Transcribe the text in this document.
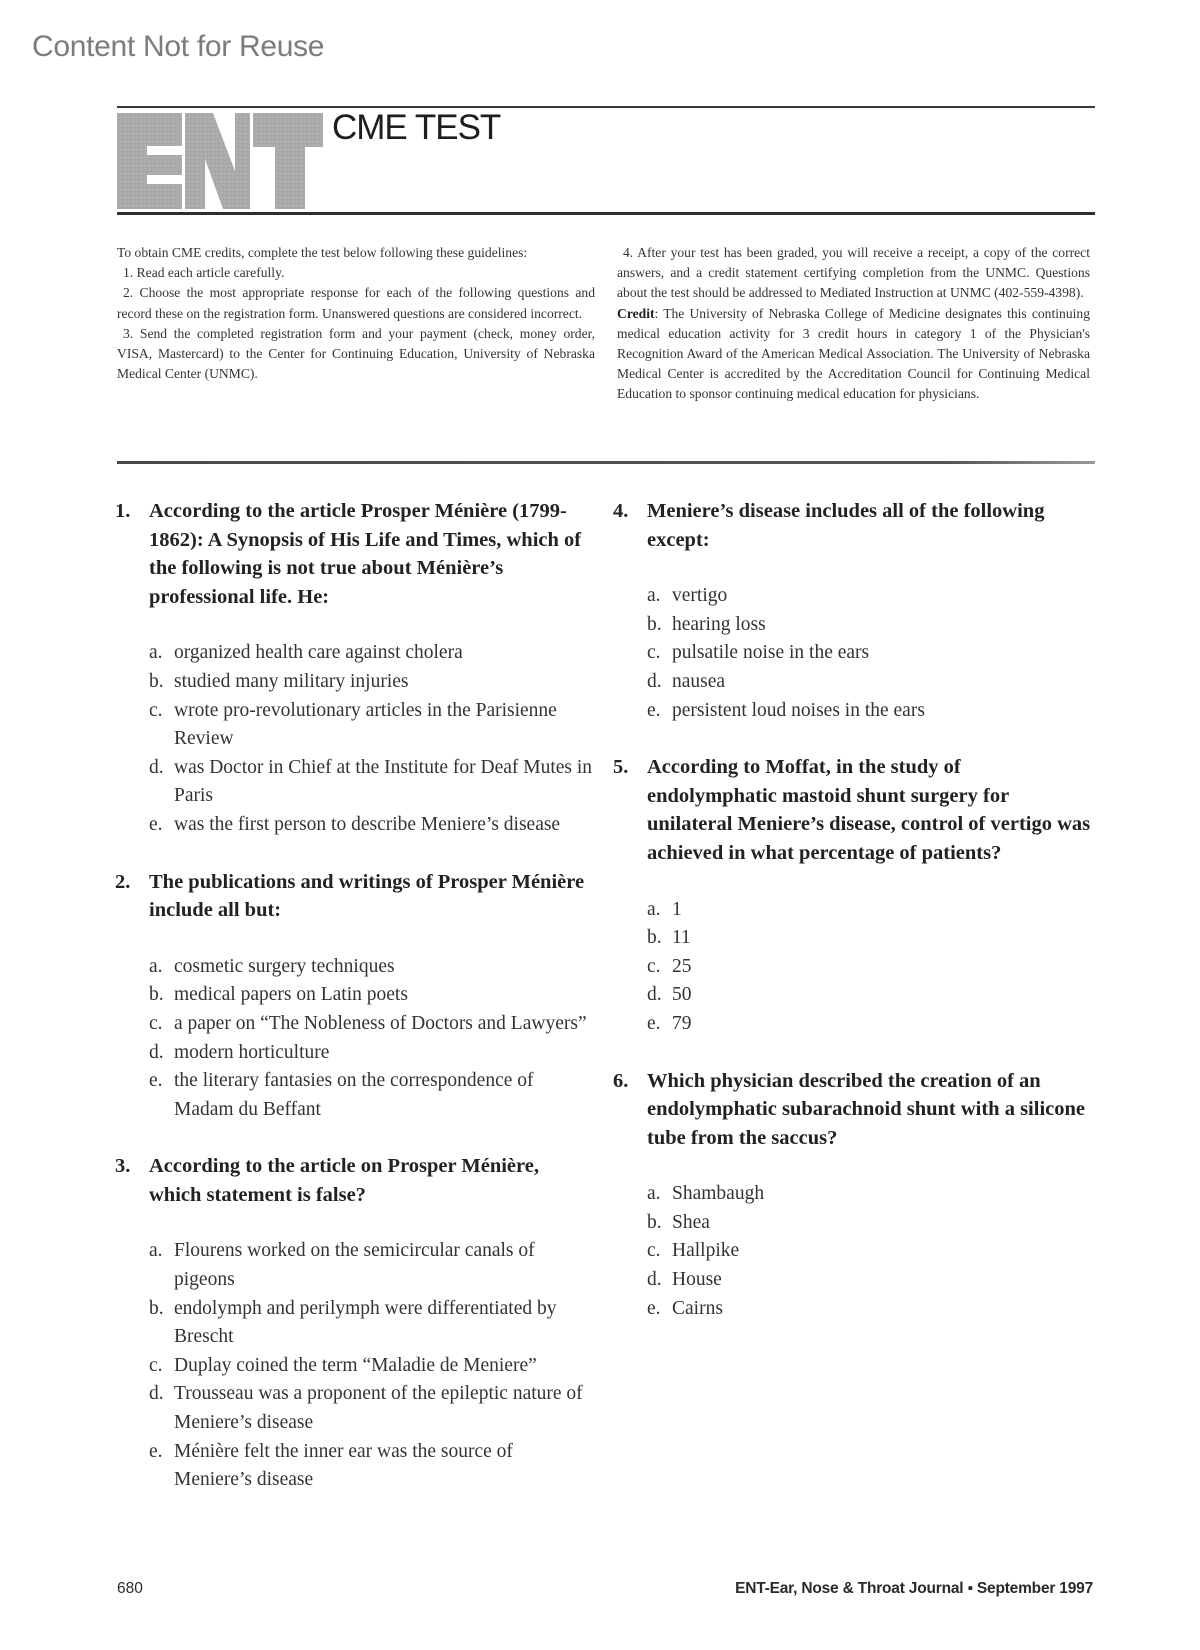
Content Not for Reuse
CME TEST

To obtain CME credits, complete the test below following these guidelines:

1. Read each article carefully.

2. Choose the most appropriate response for each of the following questions and record these on the registration form. Unanswered questions are considered incorrect.

3. Send the completed registration form and your payment (check, money order, VISA, Mastercard) to the Center for Continuing Education, University of Nebraska Medical Center (UNMC).

4. After your test has been graded, you will receive a receipt, a copy of the correct answers, and a credit statement certifying completion from the UNMC. Questions about the test should be addressed to Mediated Instruction at UNMC (402-559-4398).

Credit: The University of Nebraska College of Medicine designates this continuing medical education activity for 3 credit hours in category 1 of the Physician's Recognition Award of the American Medical Association. The University of Nebraska Medical Center is accredited by the Accreditation Council for Continuing Medical Education to sponsor continuing medical education for physicians.

1. According to the article Prosper Ménière (1799-1862): A Synopsis of His Life and Times, which of the following is not true about Ménière’s professional life. He:
a. organized health care against cholera
b. studied many military injuries
c. wrote pro-revolutionary articles in the Parisienne Review
d. was Doctor in Chief at the Institute for Deaf Mutes in Paris
e. was the first person to describe Meniere’s disease
2. The publications and writings of Prosper Ménière include all but:
a. cosmetic surgery techniques
b. medical papers on Latin poets
c. a paper on “The Nobleness of Doctors and Lawyers”
d. modern horticulture
e. the literary fantasies on the correspondence of Madam du Beffant
3. According to the article on Prosper Ménière, which statement is false?
a. Flourens worked on the semicircular canals of pigeons
b. endolymph and perilymph were differentiated by Brescht
c. Duplay coined the term “Maladie de Meniere”
d. Trousseau was a proponent of the epileptic nature of Meniere’s disease
e. Ménière felt the inner ear was the source of Meniere’s disease
4. Meniere’s disease includes all of the following except:
a. vertigo
b. hearing loss
c. pulsatile noise in the ears
d. nausea
e. persistent loud noises in the ears
5. According to Moffat, in the study of endolymphatic mastoid shunt surgery for unilateral Meniere’s disease, control of vertigo was achieved in what percentage of patients?
a. 1
b. 11
c. 25
d. 50
e. 79
6. Which physician described the creation of an endolymphatic subarachnoid shunt with a silicone tube from the saccus?
a. Shambaugh
b. Shea
c. Hallpike
d. House
e. Cairns
680	ENT-Ear, Nose & Throat Journal ▪ September 1997
